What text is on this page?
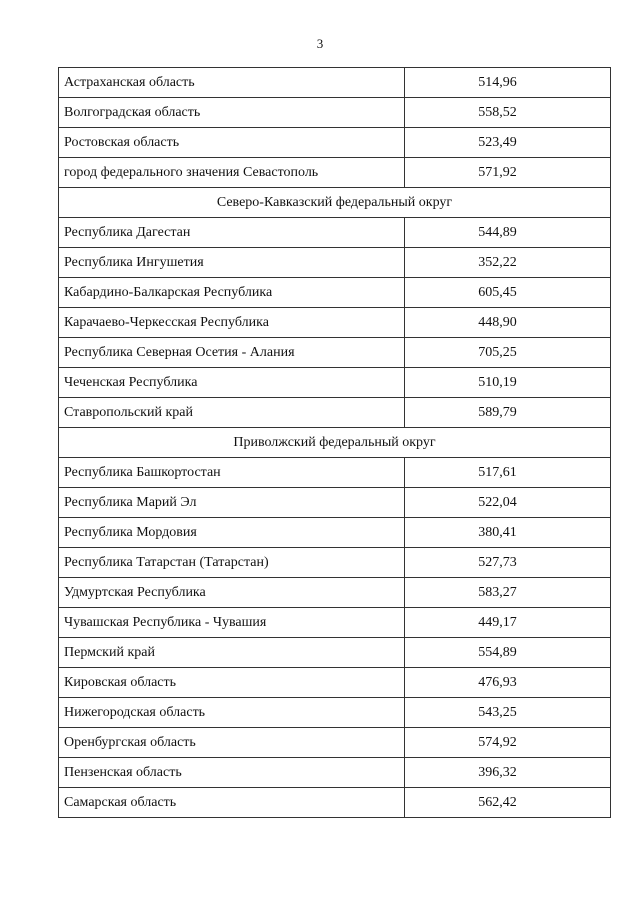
3
Астраханская область	514,96
Волгоградская область	558,52
Ростовская область	523,49
город федерального значения Севастополь	571,92
Северо-Кавказский федеральный округ	
Республика Дагестан	544,89
Республика Ингушетия	352,22
Кабардино-Балкарская Республика	605,45
Карачаево-Черкесская Республика	448,90
Республика Северная Осетия - Алания	705,25
Чеченская Республика	510,19
Ставропольский край	589,79
Приволжский федеральный округ	
Республика Башкортостан	517,61
Республика Марий Эл	522,04
Республика Мордовия	380,41
Республика Татарстан (Татарстан)	527,73
Удмуртская Республика	583,27
Чувашская Республика - Чувашия	449,17
Пермский край	554,89
Кировская область	476,93
Нижегородская область	543,25
Оренбургская область	574,92
Пензенская область	396,32
Самарская область	562,42
